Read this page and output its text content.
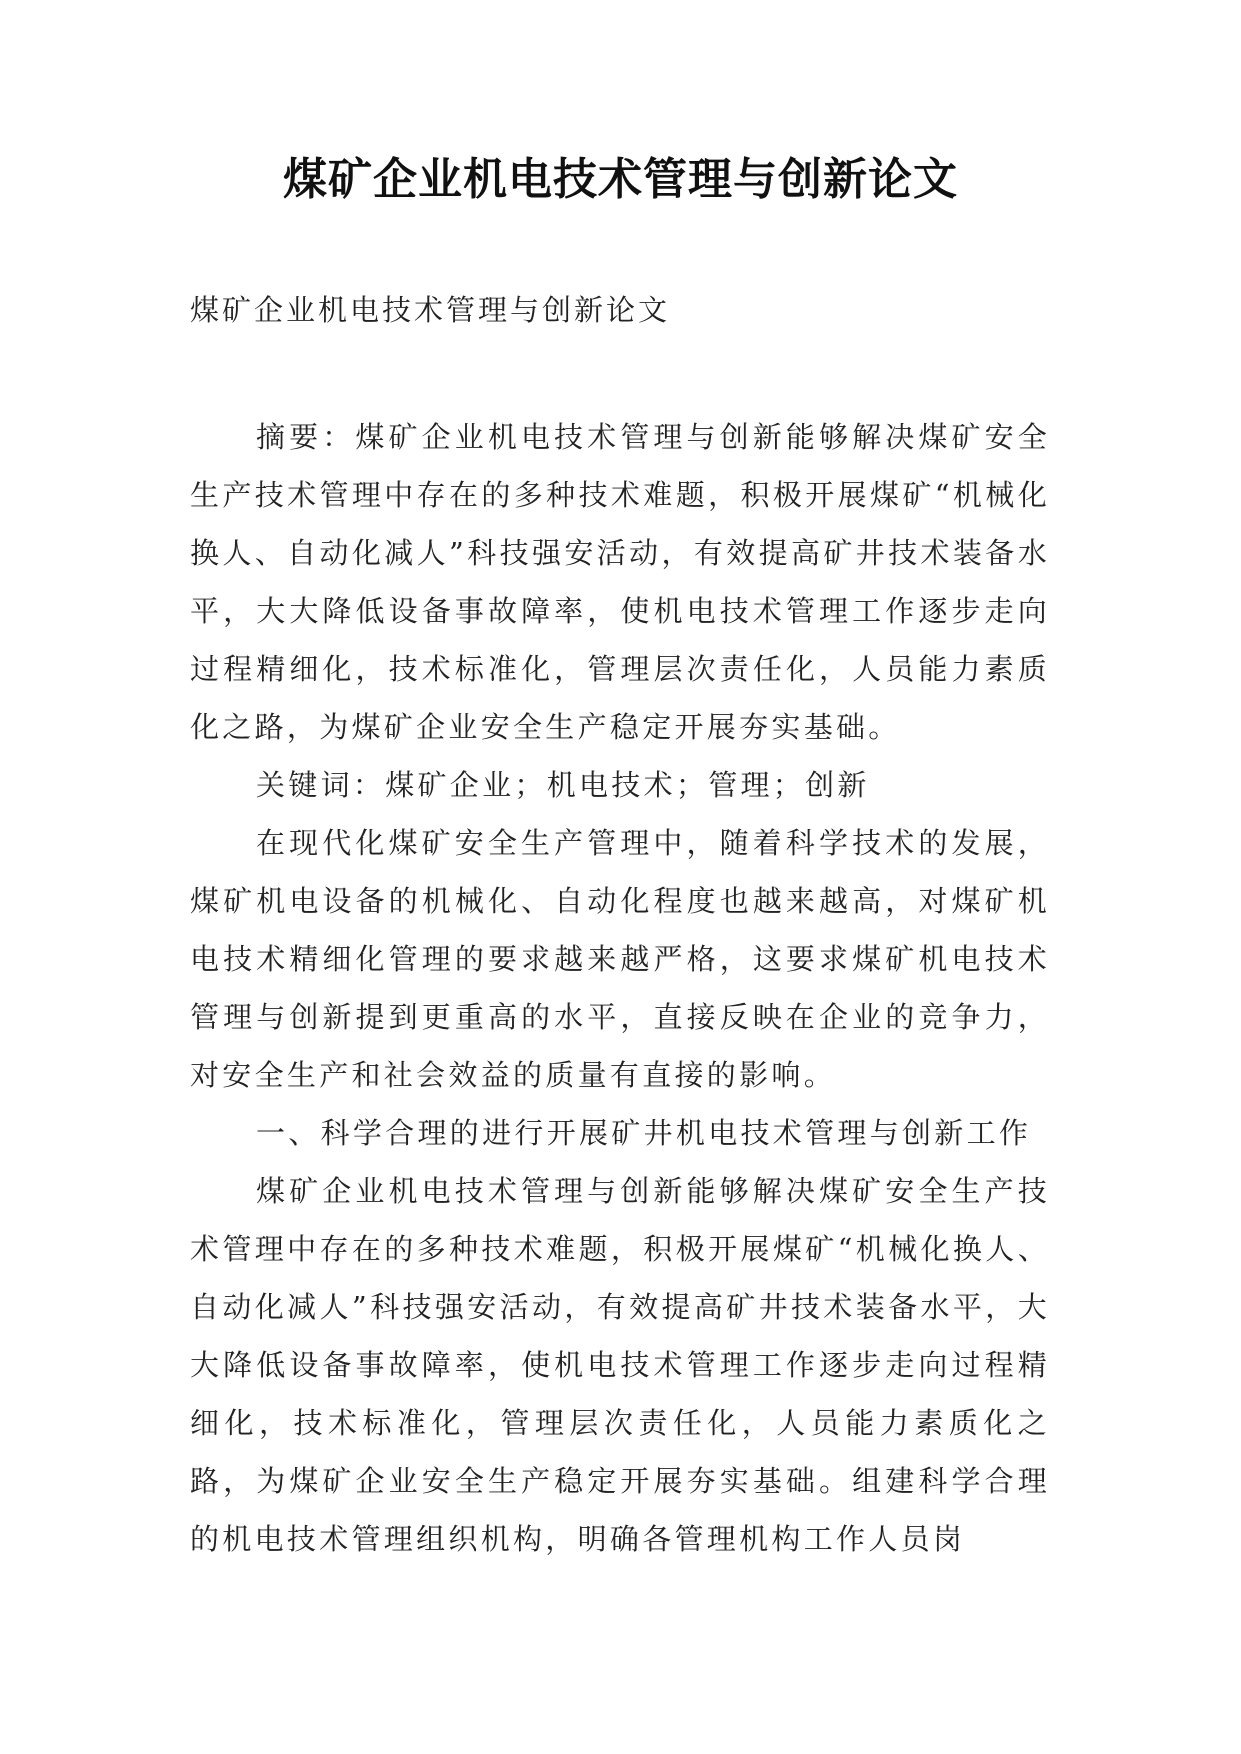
煤矿企业机电技术管理与创新论文
煤矿企业机电技术管理与创新论文

摘要：煤矿企业机电技术管理与创新能够解决煤矿安全生产技术管理中存在的多种技术难题，积极开展煤矿“机械化换人、自动化减人”科技强安活动，有效提高矿井技术装备水平，大大降低设备事故障率，使机电技术管理工作逐步走向过程精细化，技术标准化，管理层次责任化，人员能力素质化之路，为煤矿企业安全生产稳定开展夯实基础。

关键词：煤矿企业；机电技术；管理；创新

在现代化煤矿安全生产管理中，随着科学技术的发展，煤矿机电设备的机械化、自动化程度也越来越高，对煤矿机电技术精细化管理的要求越来越严格，这要求煤矿机电技术管理与创新提到更重高的水平，直接反映在企业的竞争力，对安全生产和社会效益的质量有直接的影响。

一、科学合理的进行开展矿井机电技术管理与创新工作

煤矿企业机电技术管理与创新能够解决煤矿安全生产技术管理中存在的多种技术难题，积极开展煤矿“机械化换人、自动化减人”科技强安活动，有效提高矿井技术装备水平，大大降低设备事故障率，使机电技术管理工作逐步走向过程精细化，技术标准化，管理层次责任化，人员能力素质化之路，为煤矿企业安全生产稳定开展夯实基础。组建科学合理的机电技术管理组织机构，明确各管理机构工作人员岗
